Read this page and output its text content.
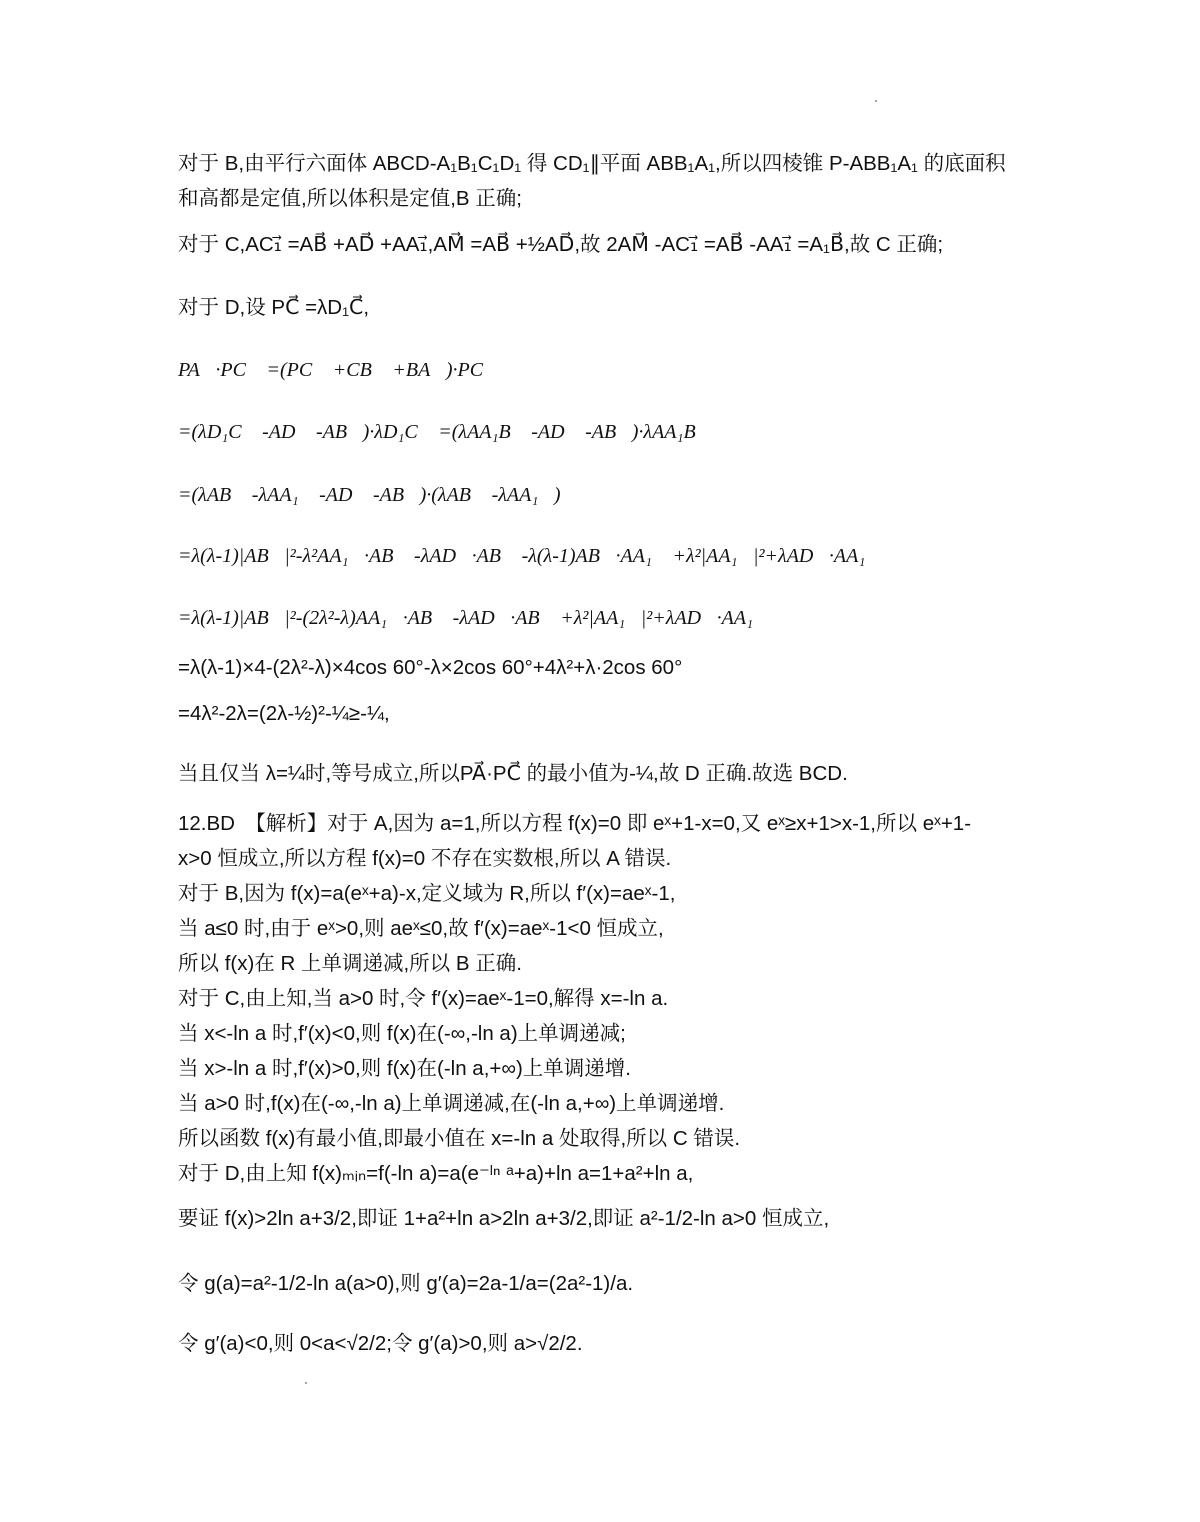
对于 B,由平行六面体 ABCD-A₁B₁C₁D₁ 得 CD₁∥平面 ABB₁A₁,所以四棱锥 P-ABB₁A₁ 的底面积
和高都是定值,所以体积是定值,B 正确;
对于 C,AC₁⃗ =AB⃗ +AD⃗ +AA₁⃗,AM⃗ =AB⃗ +½AD⃗,故 2AM⃗ -AC₁⃗ =AB⃗ -AA₁⃗ =A₁B⃗,故 C 正确;
对于 D,设 PC⃗ =λD₁C⃗,
PA⃗·PC⃗ =(PC⃗ +CB⃗ +BA⃗)·PC⃗
=(λD₁C⃗ -AD⃗ -AB⃗)·λD₁C⃗ =(λAA₁B⃗ -AD⃗ -AB⃗)·λAA₁B⃗
=(λAB⃗ -λAA₁⃗ -AD⃗ -AB⃗)·(λAB⃗ -λAA₁⃗)
=λ(λ-1)|AB⃗|²-λ²AA₁⃗·AB⃗ -λAD⃗·AB⃗ -λ(λ-1)AB⃗·AA₁⃗ +λ²|AA₁⃗|²+λAD⃗·AA₁⃗
=λ(λ-1)|AB⃗|²-(2λ²-λ)AA₁⃗·AB⃗ -λAD⃗·AB⃗ +λ²|AA₁⃗|²+λAD⃗·AA₁⃗
=λ(λ-1)×4-(2λ²-λ)×4cos 60°-λ×2cos 60°+4λ²+λ·2cos 60°
=4λ²-2λ=(2λ-½)²-¼≥-¼,
当且仅当 λ=¼时,等号成立,所以PA⃗·PC⃗ 的最小值为-¼,故 D 正确.故选 BCD.
12.BD　【解析】对于 A,因为 a=1,所以方程 f(x)=0 即 eˣ+1-x=0,又 eˣ≥x+1>x-1,所以 eˣ+1-
x>0 恒成立,所以方程 f(x)=0 不存在实数根,所以 A 错误.
对于 B,因为 f(x)=a(eˣ+a)-x,定义域为 R,所以 f′(x)=aeˣ-1,
当 a≤0 时,由于 eˣ>0,则 aeˣ≤0,故 f′(x)=aeˣ-1<0 恒成立,
所以 f(x)在 R 上单调递减,所以 B 正确.
对于 C,由上知,当 a>0 时,令 f′(x)=aeˣ-1=0,解得 x=-ln a.
当 x<-ln a 时,f′(x)<0,则 f(x)在(-∞,-ln a)上单调递减;
当 x>-ln a 时,f′(x)>0,则 f(x)在(-ln a,+∞)上单调递增.
当 a>0 时,f(x)在(-∞,-ln a)上单调递减,在(-ln a,+∞)上单调递增.
所以函数 f(x)有最小值,即最小值在 x=-ln a 处取得,所以 C 错误.
对于 D,由上知 f(x)ₘᵢₙ=f(-ln a)=a(e⁻ˡⁿ ᵃ+a)+ln a=1+a²+ln a,
要证 f(x)>2ln a+3/2,即证 1+a²+ln a>2ln a+3/2,即证 a²-1/2-ln a>0 恒成立,
令 g(a)=a²-1/2-ln a(a>0),则 g′(a)=2a-1/a=(2a²-1)/a.
令 g′(a)<0,则 0<a<√2/2;令 g′(a)>0,则 a>√2/2.
